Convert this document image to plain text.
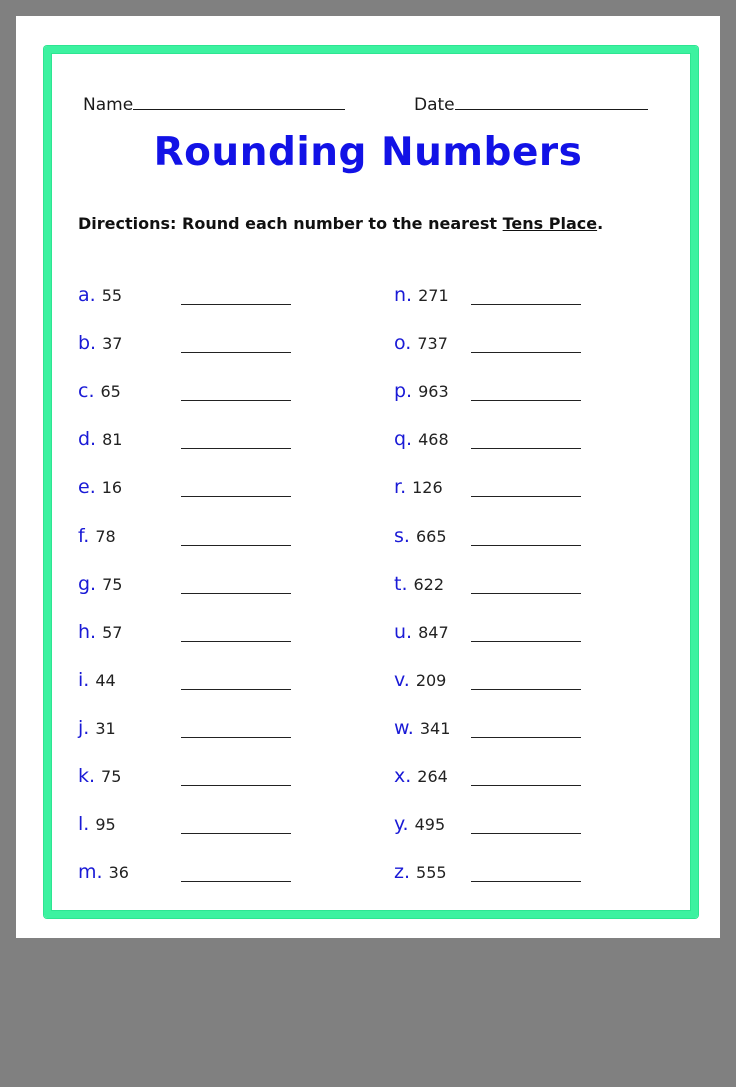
Name	Date
Rounding Numbers
Directions: Round each number to the nearest Tens Place.
a. 55
b. 37
c. 65
d. 81
e. 16
f. 78
g. 75
h. 57
i. 44
j. 31
k. 75
l. 95
m. 36
n. 271
o. 737
p. 963
q. 468
r. 126
s. 665
t. 622
u. 847
v. 209
w. 341
x. 264
y. 495
z. 555
